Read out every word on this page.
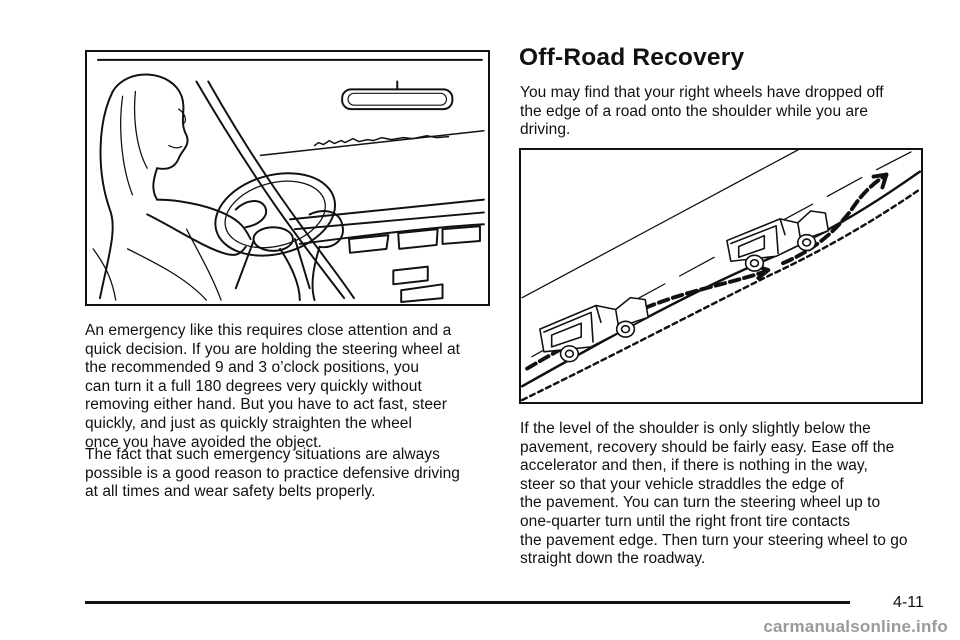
An emergency like this requires close attention and a
quick decision. If you are holding the steering wheel at
the recommended 9 and 3 o’clock positions, you
can turn it a full 180 degrees very quickly without
removing either hand. But you have to act fast, steer
quickly, and just as quickly straighten the wheel
once you have avoided the object.
The fact that such emergency situations are always
possible is a good reason to practice defensive driving
at all times and wear safety belts properly.
Off-Road Recovery
You may find that your right wheels have dropped off
the edge of a road onto the shoulder while you are
driving.
If the level of the shoulder is only slightly below the
pavement, recovery should be fairly easy. Ease off the
accelerator and then, if there is nothing in the way,
steer so that your vehicle straddles the edge of
the pavement. You can turn the steering wheel up to
one-quarter turn until the right front tire contacts
the pavement edge. Then turn your steering wheel to go
straight down the roadway.
4-11
carmanualsonline.info
